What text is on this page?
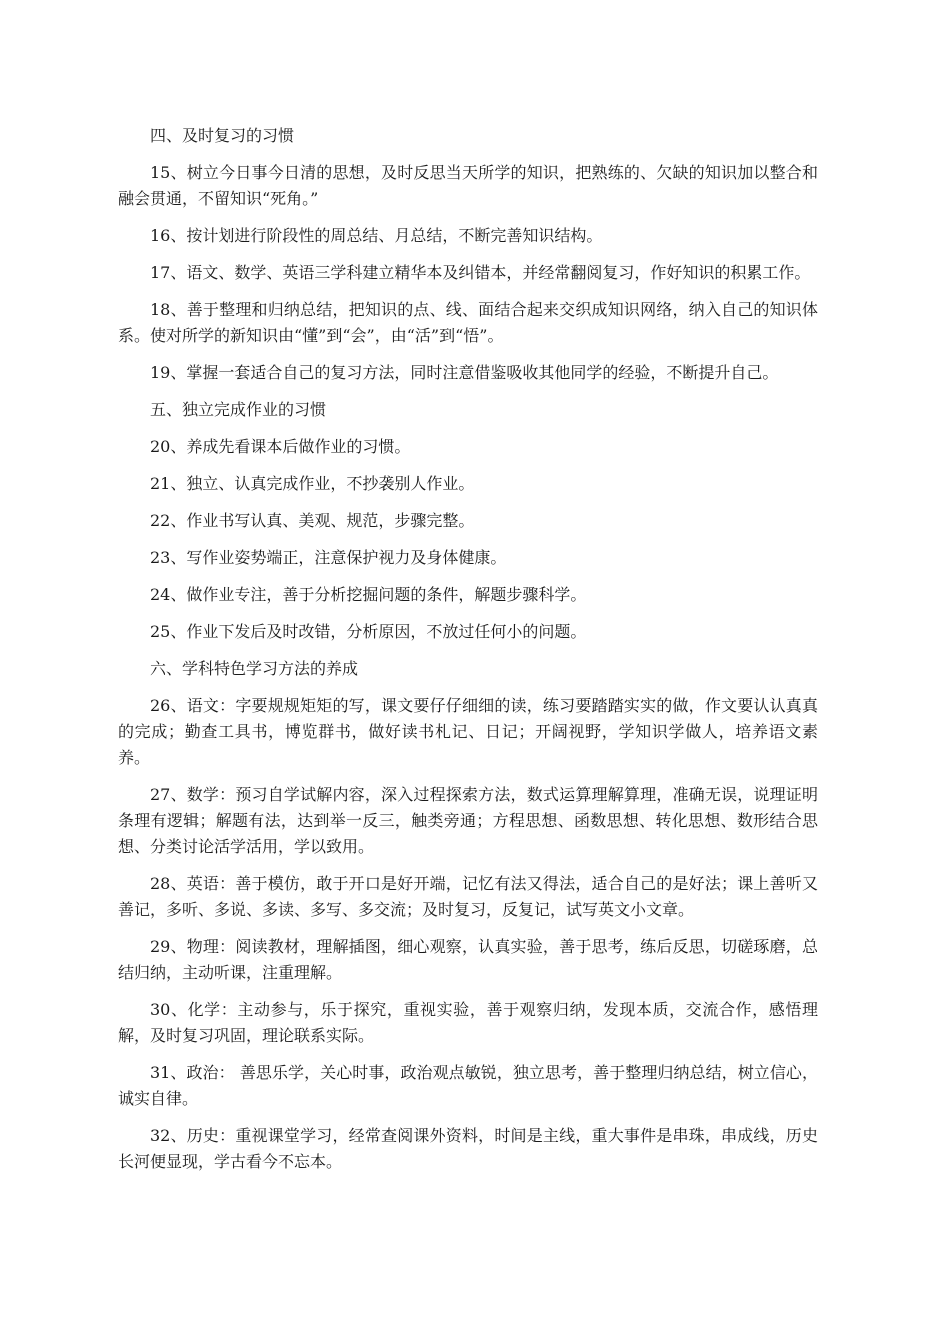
四、及时复习的习惯

15、树立今日事今日清的思想，及时反思当天所学的知识，把熟练的、欠缺的知识加以整合和融会贯通，不留知识“死角。”

16、按计划进行阶段性的周总结、月总结，不断完善知识结构。

17、语文、数学、英语三学科建立精华本及纠错本，并经常翻阅复习，作好知识的积累工作。

18、善于整理和归纳总结，把知识的点、线、面结合起来交织成知识网络，纳入自己的知识体系。使对所学的新知识由“懂”到“会”，由“活”到“悟”。

19、掌握一套适合自己的复习方法，同时注意借鉴吸收其他同学的经验，不断提升自己。

五、独立完成作业的习惯

20、养成先看课本后做作业的习惯。

21、独立、认真完成作业，不抄袭别人作业。

22、作业书写认真、美观、规范，步骤完整。

23、写作业姿势端正，注意保护视力及身体健康。

24、做作业专注，善于分析挖掘问题的条件，解题步骤科学。

25、作业下发后及时改错，分析原因，不放过任何小的问题。

六、学科特色学习方法的养成

26、语文：字要规规矩矩的写，课文要仔仔细细的读，练习要踏踏实实的做，作文要认认真真的完成；勤查工具书，博览群书，做好读书札记、日记；开阔视野，学知识学做人，培养语文素养。

27、数学：预习自学试解内容，深入过程探索方法，数式运算理解算理，准确无误，说理证明条理有逻辑；解题有法，达到举一反三，触类旁通；方程思想、函数思想、转化思想、数形结合思想、分类讨论活学活用，学以致用。

28、英语：善于模仿，敢于开口是好开端，记忆有法又得法，适合自己的是好法；课上善听又善记，多听、多说、多读、多写、多交流；及时复习，反复记，试写英文小文章。

29、物理：阅读教材，理解插图，细心观察，认真实验，善于思考，练后反思，切磋琢磨，总结归纳，主动听课，注重理解。

30、化学：主动参与，乐于探究，重视实验，善于观察归纳，发现本质，交流合作，感悟理解，及时复习巩固，理论联系实际。

31、政治： 善思乐学，关心时事，政治观点敏锐，独立思考，善于整理归纳总结，树立信心，诚实自律。

32、历史：重视课堂学习，经常查阅课外资料，时间是主线，重大事件是串珠，串成线，历史长河便显现，学古看今不忘本。
